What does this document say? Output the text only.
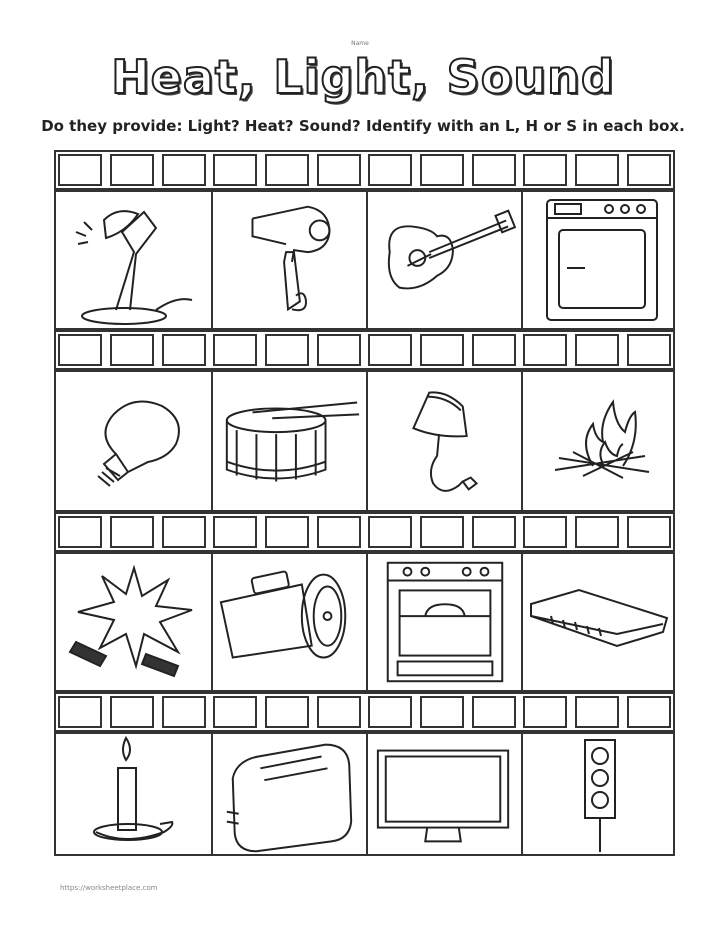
Name
Heat, Light, Sound
Do they provide: Light? Heat? Sound? Identify with an L, H or S in each box.
https://worksheetplace.com
